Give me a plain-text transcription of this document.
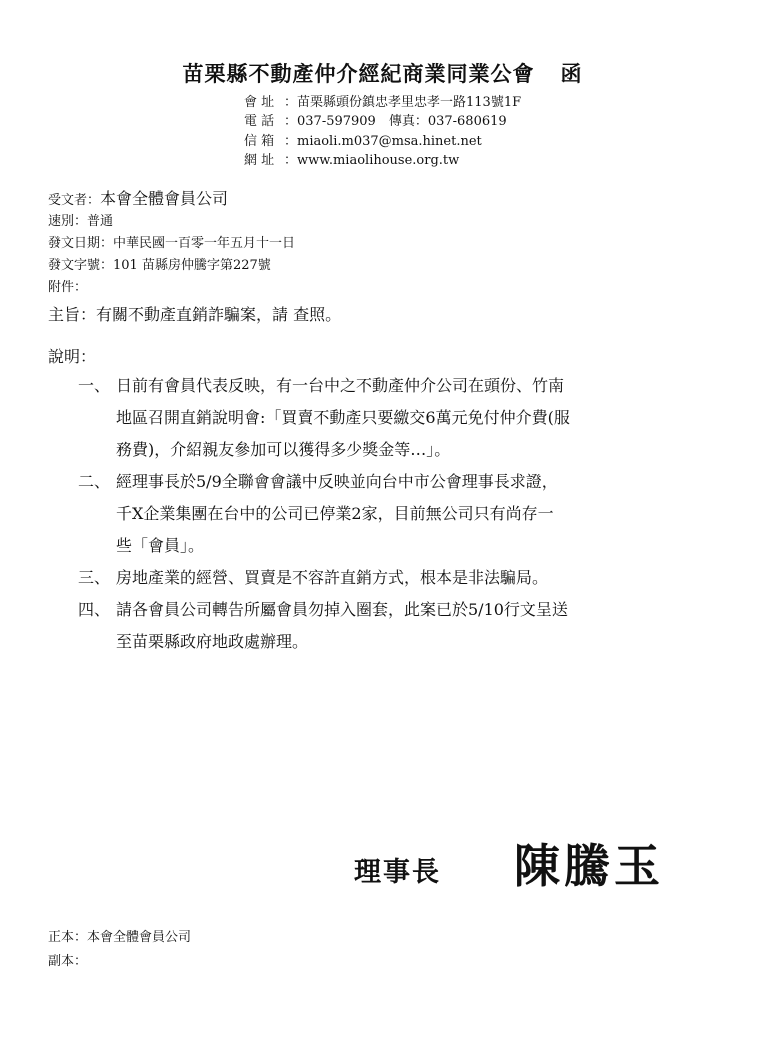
苗栗縣不動產仲介經紀商業同業公會 函
會 址 ：苗栗縣頭份鎮忠孝里忠孝一路113號1F
電 話 ：037-597909　傳真：037-680619
信 箱 ：miaoli.m037@msa.hinet.net
網 址 ：www.miaolihouse.org.tw
受文者：本會全體會員公司
速別：普通
發文日期：中華民國一百零一年五月十一日
發文字號：101 苗縣房仲騰字第227號
附件：
主旨：有關不動產直銷詐騙案，請 查照。
說明：
一、 日前有會員代表反映，有一台中之不動產仲介公司在頭份、竹南
地區召開直銷說明會:「買賣不動產只要繳交6萬元免付仲介費(服
務費)，介紹親友參加可以獲得多少獎金等…」。
二、 經理事長於5/9全聯會會議中反映並向台中市公會理事長求證，
千X企業集團在台中的公司已停業2家，目前無公司只有尚存一
些「會員」。
三、 房地產業的經營、買賣是不容許直銷方式，根本是非法騙局。
四、 請各會員公司轉告所屬會員勿掉入圈套，此案已於5/10行文呈送
至苗栗縣政府地政處辦理。
理事長 陳騰玉
正本：本會全體會員公司
副本：
